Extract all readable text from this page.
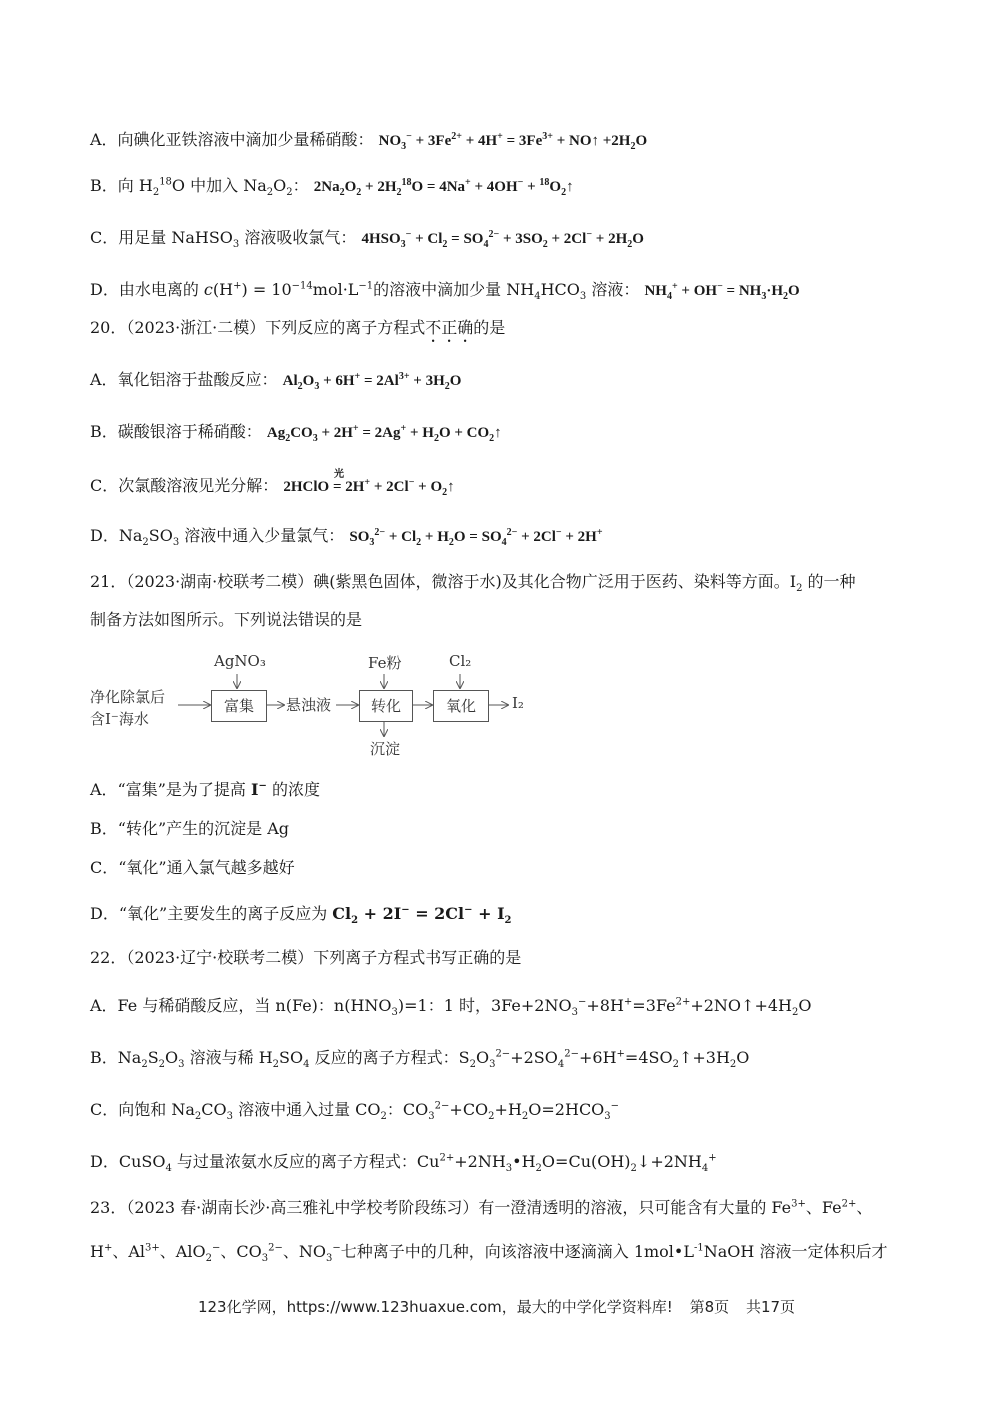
A．向碘化亚铁溶液中滴加少量稀硝酸： $NO_3^- + 3Fe^{2+} + 4H^+ = 3Fe^{3+}$ + NO↑ $+2H_2O$
B．向 $H_2^{18}O$ 中加入 $Na_2O_2$： $2Na_2O_2 + 2H_2^{18}O = 4Na^+ + 4OH^-$ + $^{18}O_2↑$
C．用足量 NaHSO$_3$ 溶液吸收氯气： $4HSO_3^- + Cl_2 = SO_4^{2-} + 3SO_2 + 2Cl^- + 2H_2O$
D．由水电离的 $c(H^+) = 10^{-14}mol\cdot L^{-1}$的溶液中滴加少量 $NH_4HCO_3$ 溶液： $NH_4^+ + OH^- = NH_3\cdot H_2O$
20．（2023·浙江·二模）下列反应的离子方程式不正确的是
A．氧化铝溶于盐酸反应： $Al_2O_3 + 6H^+ = 2Al^{3+} + 3H_2O$
B．碳酸银溶于稀硝酸： $Ag_2CO_3 + 2H^+ = 2Ag^+ + H_2O$ + $CO_2↑$
C．次氯酸溶液见光分解： 2HClO
光
= $2H^+ + 2Cl^- + O_2↑$
D．$Na_2SO_3$ 溶液中通入少量氯气： $SO_3^{2-} + Cl_2 + H_2O = SO_4^{2-} + 2Cl^- + 2H^+$
21．（2023·湖南·校联考二模）碘(紫黑色固体，微溶于水)及其化合物广泛用于医药、染料等方面。$I_2$ 的一种
制备方法如图所示。下列说法错误的是
净化除氯后
含I⁻海水
AgNO₃
富集	悬浊液
Fe粉
转化
沉淀
Cl₂
氧化	I₂
A．“富集”是为了提高 I− 的浓度
B．“转化”产生的沉淀是 Ag
C．“氧化”通入氯气越多越好
D．“氧化”主要发生的离子反应为 $Cl_2 + 2I^- = 2Cl^- + I_2$
22．（2023·辽宁·校联考二模）下列离子方程式书写正确的是
A．Fe 与稀硝酸反应，当 n(Fe)：$n(HNO_3)=1$：1 时，$3Fe+2NO_3^-+8H^+=3Fe^{2+}+2NO↑+4H_2O$
B．$Na_2S_2O_3$ 溶液与稀 $H_2SO_4$ 反应的离子方程式：$S_2O_3^{2-}+2SO_4^{2-}+6H^+=4SO_2↑+3H_2O$
C．向饱和 $Na_2CO_3$ 溶液中通入过量 $CO_2$：$CO_3^{2-}+CO_2+H_2O=2HCO_3^-$
D．CuSO$_4$ 与过量浓氨水反应的离子方程式：$Cu^{2+}+2NH_3•H_2O=Cu(OH)_2↓+2NH_4^+$
23．（2023 春·湖南长沙·高三雅礼中学校考阶段练习）有一澄清透明的溶液，只可能含有大量的 $Fe^{3+}$、$Fe^{2+}$、
H+、$Al^{3+}$、AlO$_2$−、$CO_3^{2-}$、$NO_3^-$七种离子中的几种，向该溶液中逐滴滴入 $1mol•L^{-1}NaOH$ 溶液一定体积后才
123化学网，https://www.123huaxue.com，最大的中学化学资料库! 第8页 共17页
